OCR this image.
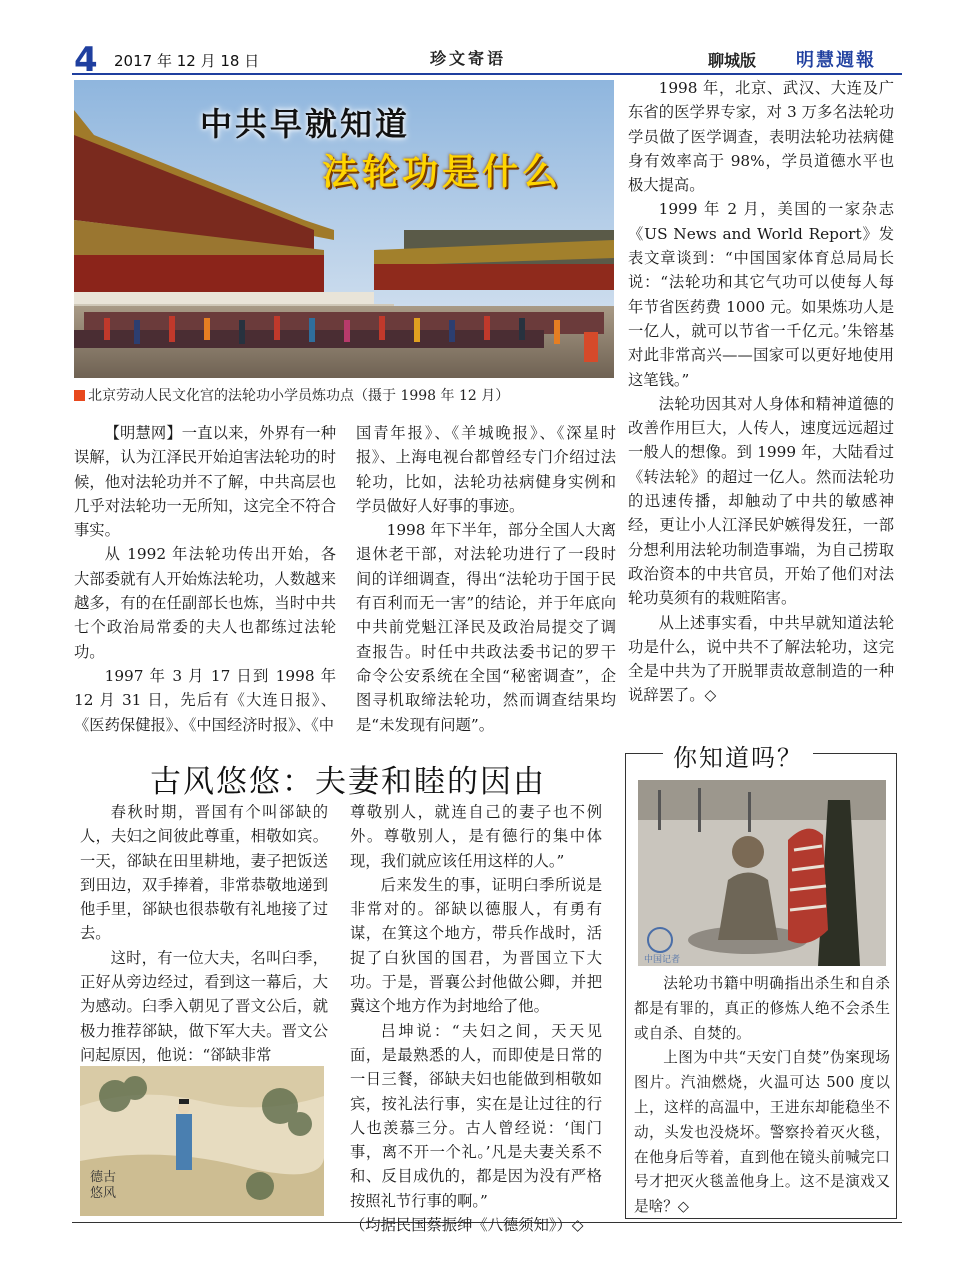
4 2017 年 12 月 18 日	珍文寄语	聊城版 明慧週報
中共早就知道
法轮功是什么
北京劳动人民文化宫的法轮功小学员炼功点（摄于 1998 年 12 月）

【明慧网】一直以来，外界有一种误解，认为江泽民开始迫害法轮功的时候，他对法轮功并不了解，中共高层也几乎对法轮功一无所知，这完全不符合事实。

从 1992 年法轮功传出开始，各大部委就有人开始炼法轮功，人数越来越多，有的在任副部长也炼，当时中共七个政治局常委的夫人也都练过法轮功。

1997 年 3 月 17 日到 1998 年 12 月 31 日，先后有《大连日报》、《医药保健报》、《中国经济时报》、《中

国青年报》、《羊城晚报》、《深星时报》、上海电视台都曾经专门介绍过法轮功，比如，法轮功祛病健身实例和学员做好人好事的事迹。

1998 年下半年，部分全国人大离退休老干部，对法轮功进行了一段时间的详细调查，得出“法轮功于国于民有百利而无一害”的结论，并于年底向中共前党魁江泽民及政治局提交了调查报告。时任中共政法委书记的罗干命令公安系统在全国“秘密调查”，企图寻机取缔法轮功，然而调查结果均是“未发现有问题”。

1998 年，北京、武汉、大连及广东省的医学界专家，对 3 万多名法轮功学员做了医学调查，表明法轮功祛病健身有效率高于 98%，学员道德水平也极大提高。

1999 年 2 月，美国的一家杂志《US News and World Report》发表文章谈到：“中国国家体育总局局长说：“法轮功和其它气功可以使每人每年节省医药费 1000 元。如果炼功人是一亿人，就可以节省一千亿元。’朱镕基对此非常高兴——国家可以更好地使用这笔钱。”

法轮功因其对人身体和精神道德的改善作用巨大，人传人，速度远远超过一般人的想像。到 1999 年，大陆看过《转法轮》的超过一亿人。然而法轮功的迅速传播，却触动了中共的敏感神经，更让小人江泽民妒嫉得发狂，一部分想利用法轮功制造事端，为自己捞取政治资本的中共官员，开始了他们对法轮功莫须有的栽赃陷害。

从上述事实看，中共早就知道法轮功是什么，说中共不了解法轮功，这完全是中共为了开脱罪责故意制造的一种说辞罢了。◇

古风悠悠：夫妻和睦的因由

春秋时期，晋国有个叫郤缺的人，夫妇之间彼此尊重，相敬如宾。一天，郤缺在田里耕地，妻子把饭送到田边，双手捧着，非常恭敬地递到他手里，郤缺也很恭敬有礼地接了过去。

这时，有一位大夫，名叫臼季，正好从旁边经过，看到这一幕后，大为感动。臼季入朝见了晋文公后，就极力推荐郤缺，做下军大夫。晋文公问起原因，他说：“郤缺非常

德古 悠风

尊敬别人，就连自己的妻子也不例外。尊敬别人，是有德行的集中体现，我们就应该任用这样的人。”

后来发生的事，证明臼季所说是非常对的。郤缺以德服人，有勇有谋，在箕这个地方，带兵作战时，活捉了白狄国的国君，为晋国立下大功。于是，晋襄公封他做公卿，并把冀这个地方作为封地给了他。

吕坤说：“夫妇之间，天天见面，是最熟悉的人，而即使是日常的一日三餐，郤缺夫妇也能做到相敬如宾，按礼法行事，实在是让过往的行人也羡慕三分。古人曾经说：‘闺门事，离不开一个礼。’凡是夫妻关系不和、反目成仇的，都是因为没有严格按照礼节行事的啊。”

（均据民国蔡振绅《八德须知》）◇

你知道吗？
中国记者

法轮功书籍中明确指出杀生和自杀都是有罪的，真正的修炼人绝不会杀生或自杀、自焚的。

上图为中共“天安门自焚”伪案现场图片。汽油燃烧，火温可达 500 度以上，这样的高温中，王进东却能稳坐不动，头发也没烧坏。警察拎着灭火毯，在他身后等着，直到他在镜头前喊完口号才把灭火毯盖他身上。这不是演戏又是啥？◇
